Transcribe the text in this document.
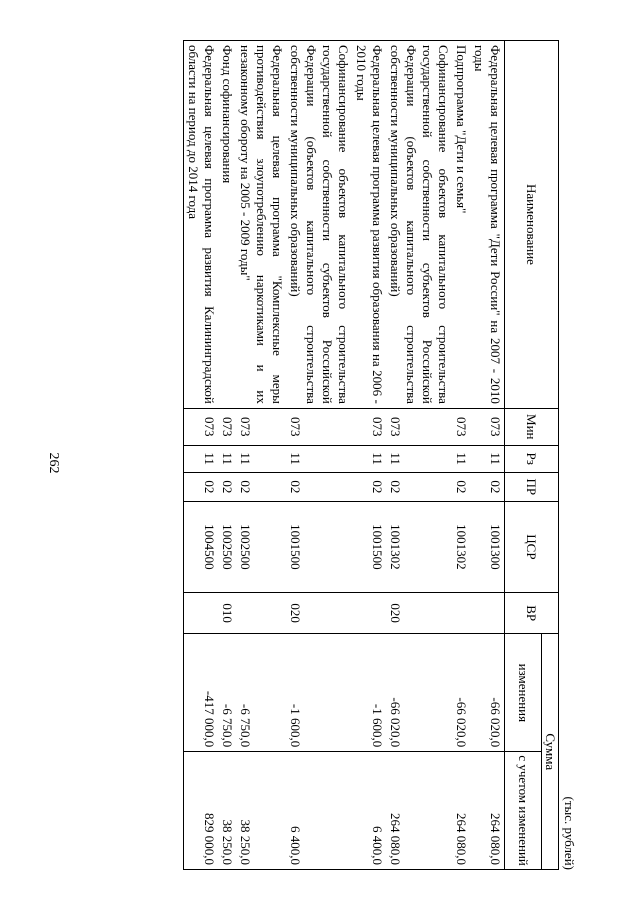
262
(тыс. рублей)
Наименование	Мин	Рз	ПР	ЦСР	ВР	Сумма	
						изменения	с учетом изменений
Федеральная целевая программа "Дети России" на 2007 - 2010 годы	073	11	02	1001300		-66 020,0	264 080,0
Подпрограмма "Дети и семья"	073	11	02	1001302		-66 020,0	264 080,0
Софинансирование объектов капитального строительства государственной собственности субъектов Российской Федерации (объектов капитального строительства собственности муниципальных образований)	073	11	02	1001302	020	-66 020,0	264 080,0
Федеральная целевая программа развития образования на 2006 - 2010 годы	073	11	02	1001500		-1 600,0	6 400,0
Софинансирование объектов капитального строительства государственной собственности субъектов Российской Федерации (объектов капитального строительства собственности муниципальных образований)	073	11	02	1001500	020	-1 600,0	6 400,0
Федеральная целевая программа "Комплексные меры противодействия злоупотреблению наркотиками и их незаконному обороту на 2005 - 2009 годы"	073	11	02	1002500		-6 750,0	38 250,0
Фонд софинансирования	073	11	02	1002500	010	-6 750,0	38 250,0
Федеральная целевая программа развития Калининградской области на период до 2014 года	073	11	02	1004500		-417 000,0	829 000,0
